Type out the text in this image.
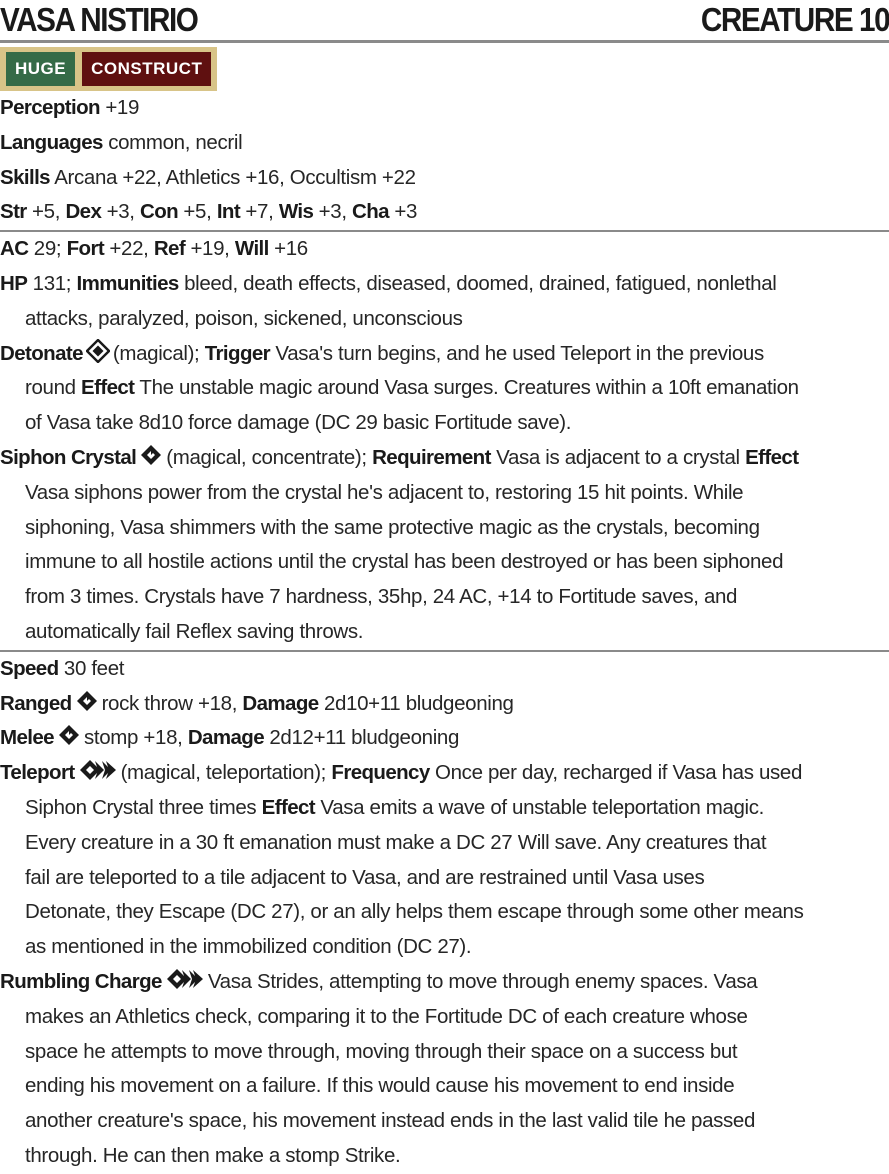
VASA NISTIRIO	CREATURE 10
HUGE	CONSTRUCT
Perception +19
Languages common, necril
Skills Arcana +22, Athletics +16, Occultism +22
Str +5, Dex +3, Con +5, Int +7, Wis +3, Cha +3
AC 29; Fort +22, Ref +19, Will +16
HP 131; Immunities bleed, death effects, diseased, doomed, drained, fatigued, nonlethal
attacks, paralyzed, poison, sickened, unconscious
Detonate (magical); Trigger Vasa's turn begins, and he used Teleport in the previous
round Effect The unstable magic around Vasa surges. Creatures within a 10ft emanation
of Vasa take 8d10 force damage (DC 29 basic Fortitude save).
Siphon Crystal (magical, concentrate); Requirement Vasa is adjacent to a crystal Effect
Vasa siphons power from the crystal he's adjacent to, restoring 15 hit points. While
siphoning, Vasa shimmers with the same protective magic as the crystals, becoming
immune to all hostile actions until the crystal has been destroyed or has been siphoned
from 3 times. Crystals have 7 hardness, 35hp, 24 AC, +14 to Fortitude saves, and
automatically fail Reflex saving throws.
Speed 30 feet
Ranged rock throw +18, Damage 2d10+11 bludgeoning
Melee stomp +18, Damage 2d12+11 bludgeoning
Teleport (magical, teleportation); Frequency Once per day, recharged if Vasa has used
Siphon Crystal three times Effect Vasa emits a wave of unstable teleportation magic.
Every creature in a 30 ft emanation must make a DC 27 Will save. Any creatures that
fail are teleported to a tile adjacent to Vasa, and are restrained until Vasa uses
Detonate, they Escape (DC 27), or an ally helps them escape through some other means
as mentioned in the immobilized condition (DC 27).
Rumbling Charge Vasa Strides, attempting to move through enemy spaces. Vasa
makes an Athletics check, comparing it to the Fortitude DC of each creature whose
space he attempts to move through, moving through their space on a success but
ending his movement on a failure. If this would cause his movement to end inside
another creature's space, his movement instead ends in the last valid tile he passed
through. He can then make a stomp Strike.
